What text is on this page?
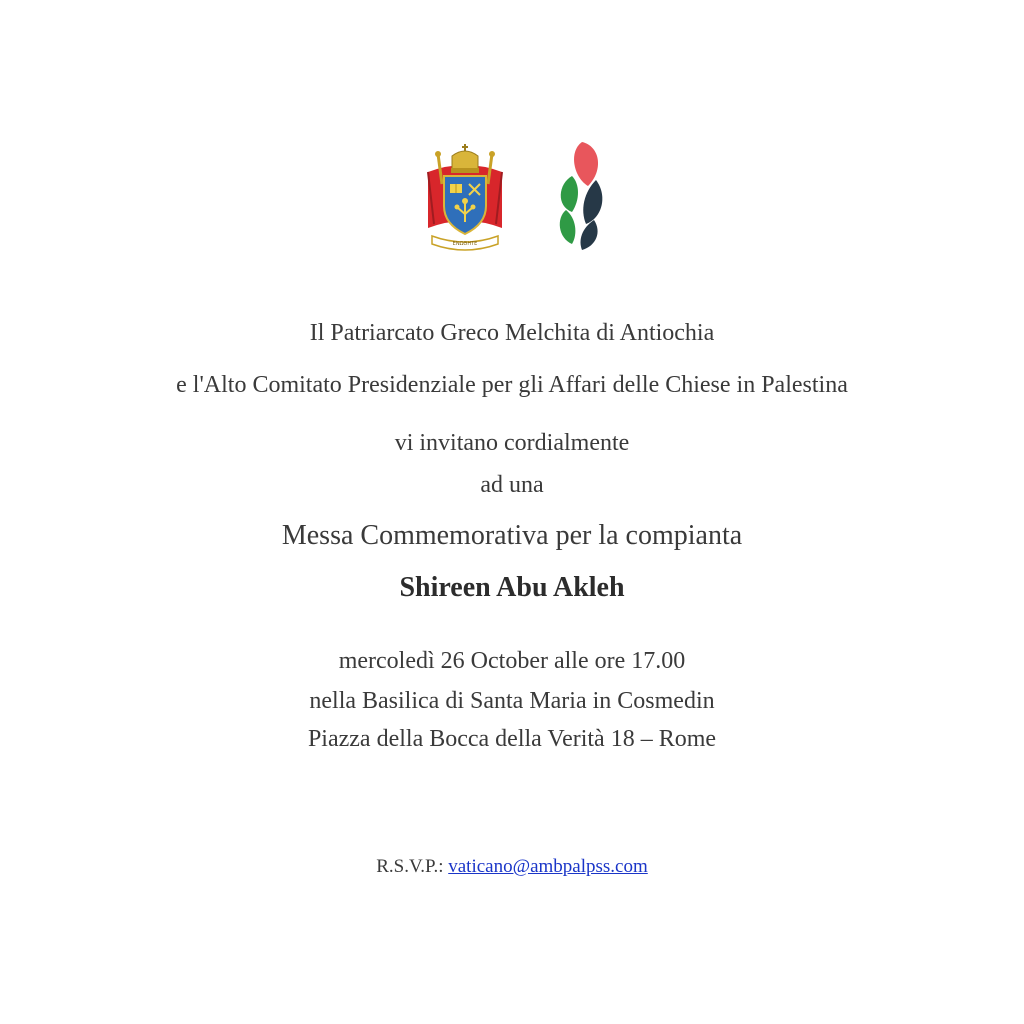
ΕΝΩΘΗΤΕ
Il Patriarcato Greco Melchita di Antiochia
e l'Alto Comitato Presidenziale per gli Affari delle Chiese in Palestina
vi invitano cordialmente
ad una
Messa Commemorativa per la compianta
Shireen Abu Akleh
mercoledì 26 October alle ore 17.00
nella Basilica di Santa Maria in Cosmedin
Piazza della Bocca della Verità 18 – Rome
R.S.V.P.: vaticano@ambpalpss.com
